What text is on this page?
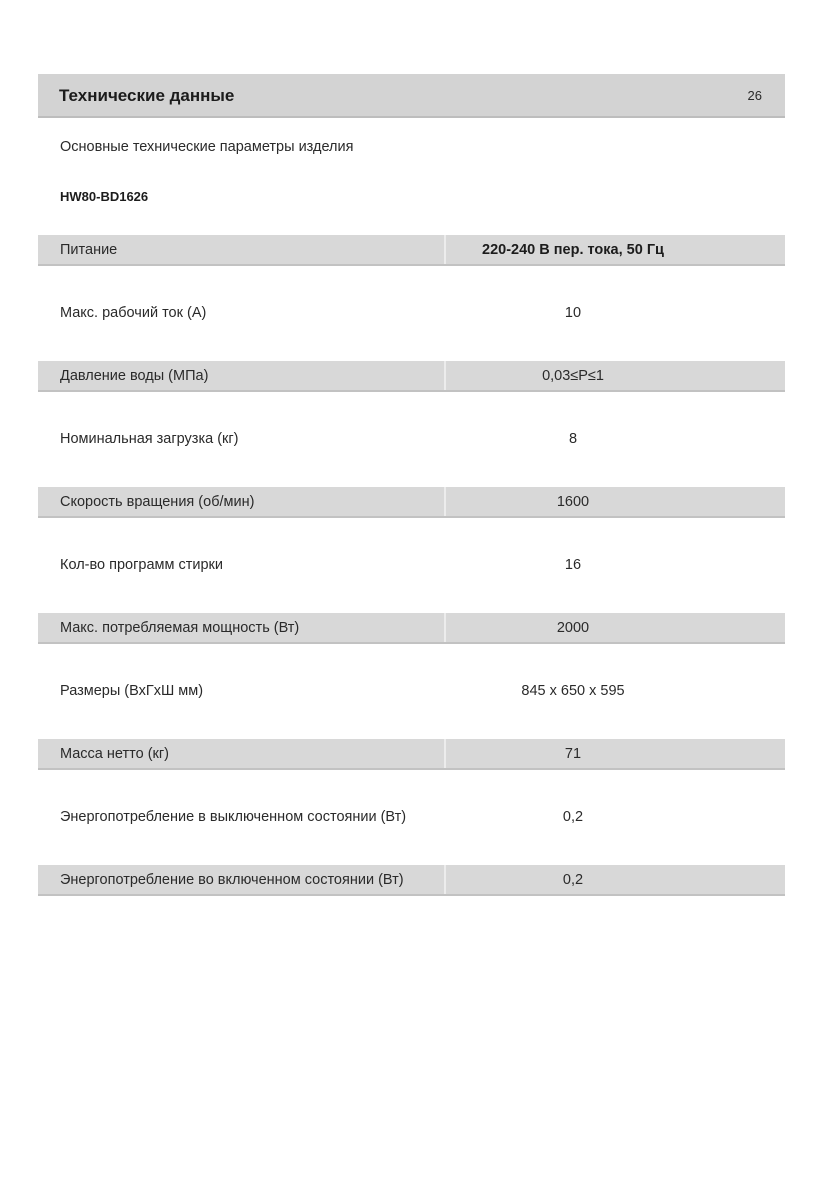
Технические данные	26
Основные технические параметры изделия
HW80-BD1626
Питание	220-240 В пер. тока, 50 Гц
Макс. рабочий ток (А)	10
Давление воды (МПа)	0,03≤P≤1
Номинальная загрузка (кг)	8
Скорость вращения (об/мин)	1600
Кол-во программ стирки	16
Макс. потребляемая мощность (Вт)	2000
Размеры (ВхГхШ мм)	845 x 650 x 595
Масса нетто (кг)	71
Энергопотребление в выключенном состоянии (Вт)	0,2
Энергопотребление во включенном состоянии (Вт)	0,2
